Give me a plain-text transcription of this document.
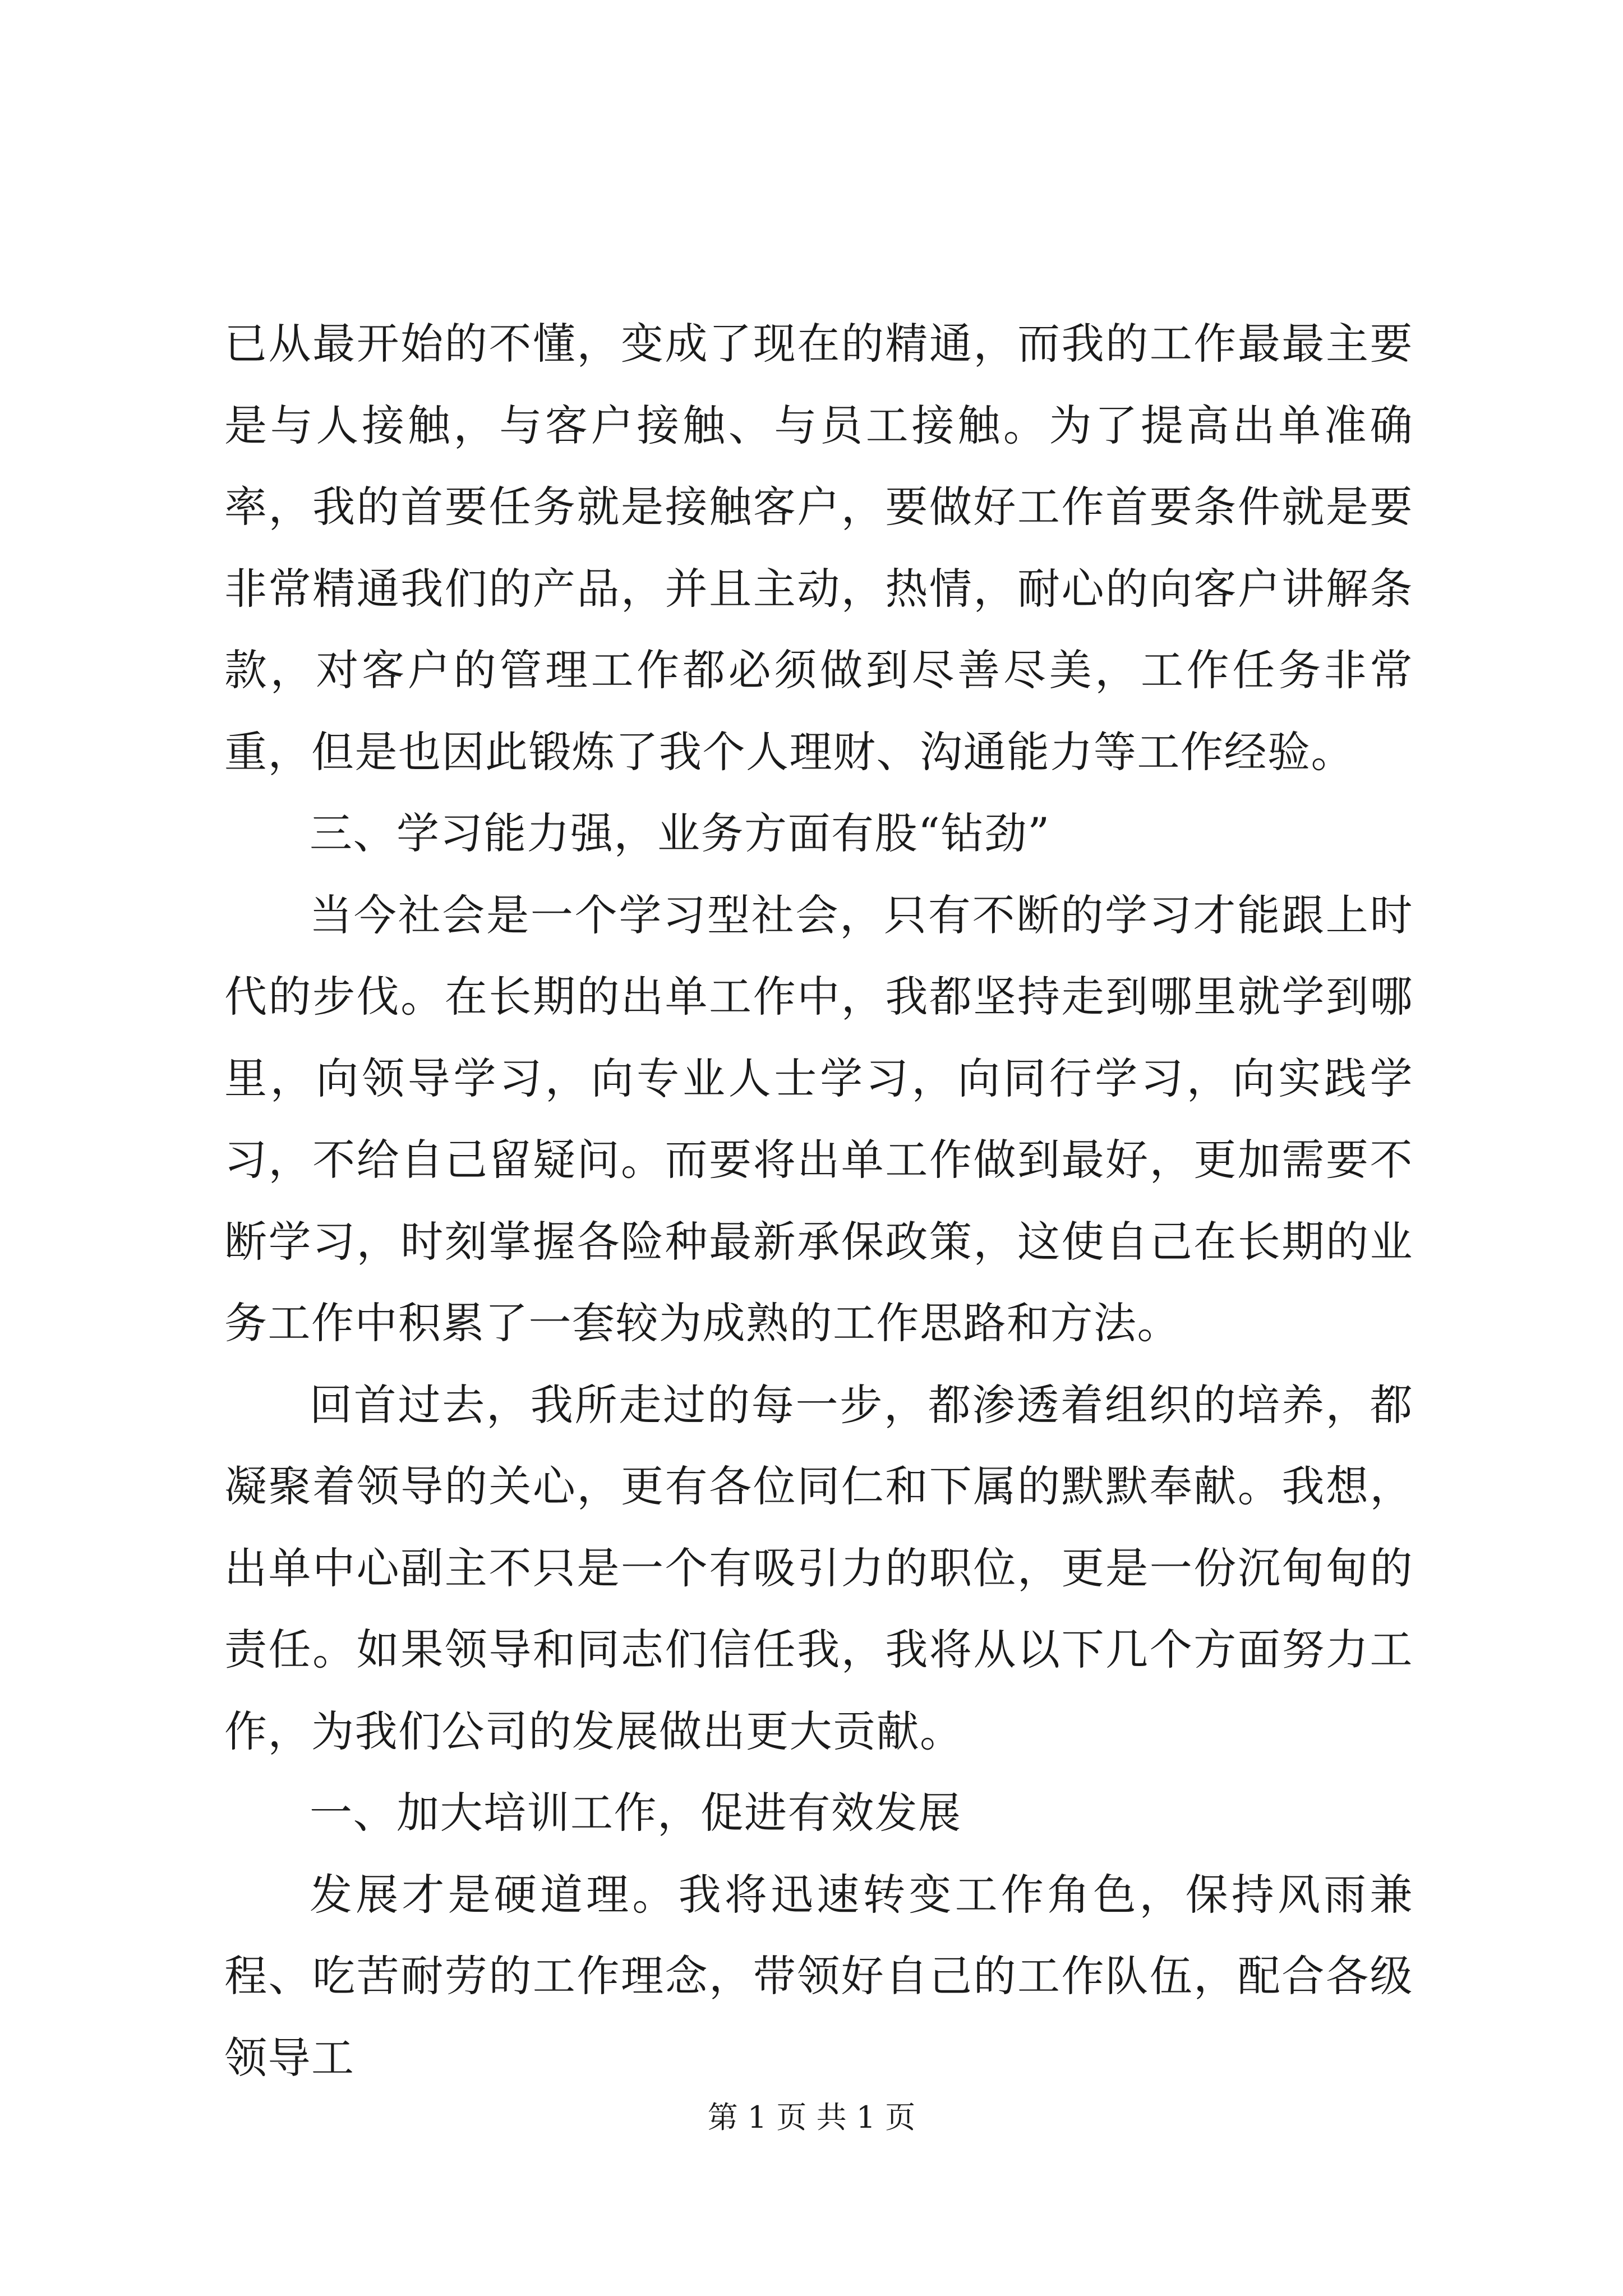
已从最开始的不懂，变成了现在的精通，而我的工作最最主要是与人接触，与客户接触、与员工接触。为了提高出单准确率，我的首要任务就是接触客户，要做好工作首要条件就是要非常精通我们的产品，并且主动，热情，耐心的向客户讲解条款，对客户的管理工作都必须做到尽善尽美，工作任务非常重，但是也因此锻炼了我个人理财、沟通能力等工作经验。

三、学习能力强，业务方面有股“钻劲”

当今社会是一个学习型社会，只有不断的学习才能跟上时代的步伐。在长期的出单工作中，我都坚持走到哪里就学到哪里，向领导学习，向专业人士学习，向同行学习，向实践学习，不给自己留疑问。而要将出单工作做到最好，更加需要不断学习，时刻掌握各险种最新承保政策，这使自己在长期的业务工作中积累了一套较为成熟的工作思路和方法。

回首过去，我所走过的每一步，都渗透着组织的培养，都凝聚着领导的关心，更有各位同仁和下属的默默奉献。我想，出单中心副主不只是一个有吸引力的职位，更是一份沉甸甸的责任。如果领导和同志们信任我，我将从以下几个方面努力工作，为我们公司的发展做出更大贡献。

一、加大培训工作，促进有效发展

发展才是硬道理。我将迅速转变工作角色，保持风雨兼程、吃苦耐劳的工作理念，带领好自己的工作队伍，配合各级领导工

第 1 页 共 1 页
